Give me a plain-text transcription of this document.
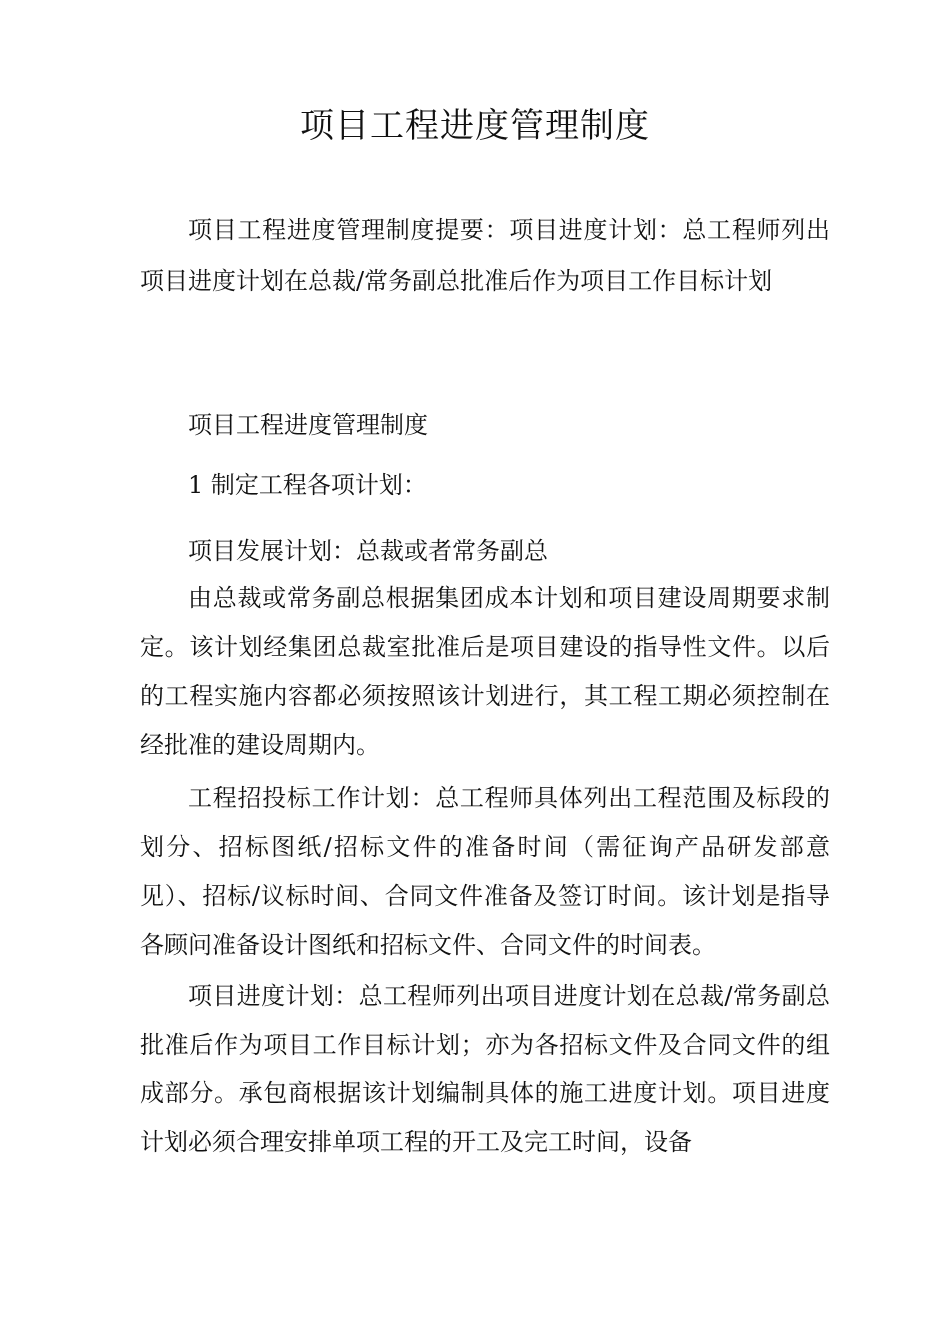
项目工程进度管理制度

项目工程进度管理制度提要：项目进度计划：总工程师列出项目进度计划在总裁/常务副总批准后作为项目工作目标计划

项目工程进度管理制度

1 制定工程各项计划：

项目发展计划：总裁或者常务副总

由总裁或常务副总根据集团成本计划和项目建设周期要求制定。该计划经集团总裁室批准后是项目建设的指导性文件。以后的工程实施内容都必须按照该计划进行，其工程工期必须控制在经批准的建设周期内。

工程招投标工作计划：总工程师具体列出工程范围及标段的划分、招标图纸/招标文件的准备时间（需征询产品研发部意见）、招标/议标时间、合同文件准备及签订时间。该计划是指导各顾问准备设计图纸和招标文件、合同文件的时间表。

项目进度计划：总工程师列出项目进度计划在总裁/常务副总批准后作为项目工作目标计划；亦为各招标文件及合同文件的组成部分。承包商根据该计划编制具体的施工进度计划。项目进度计划必须合理安排单项工程的开工及完工时间，设备
